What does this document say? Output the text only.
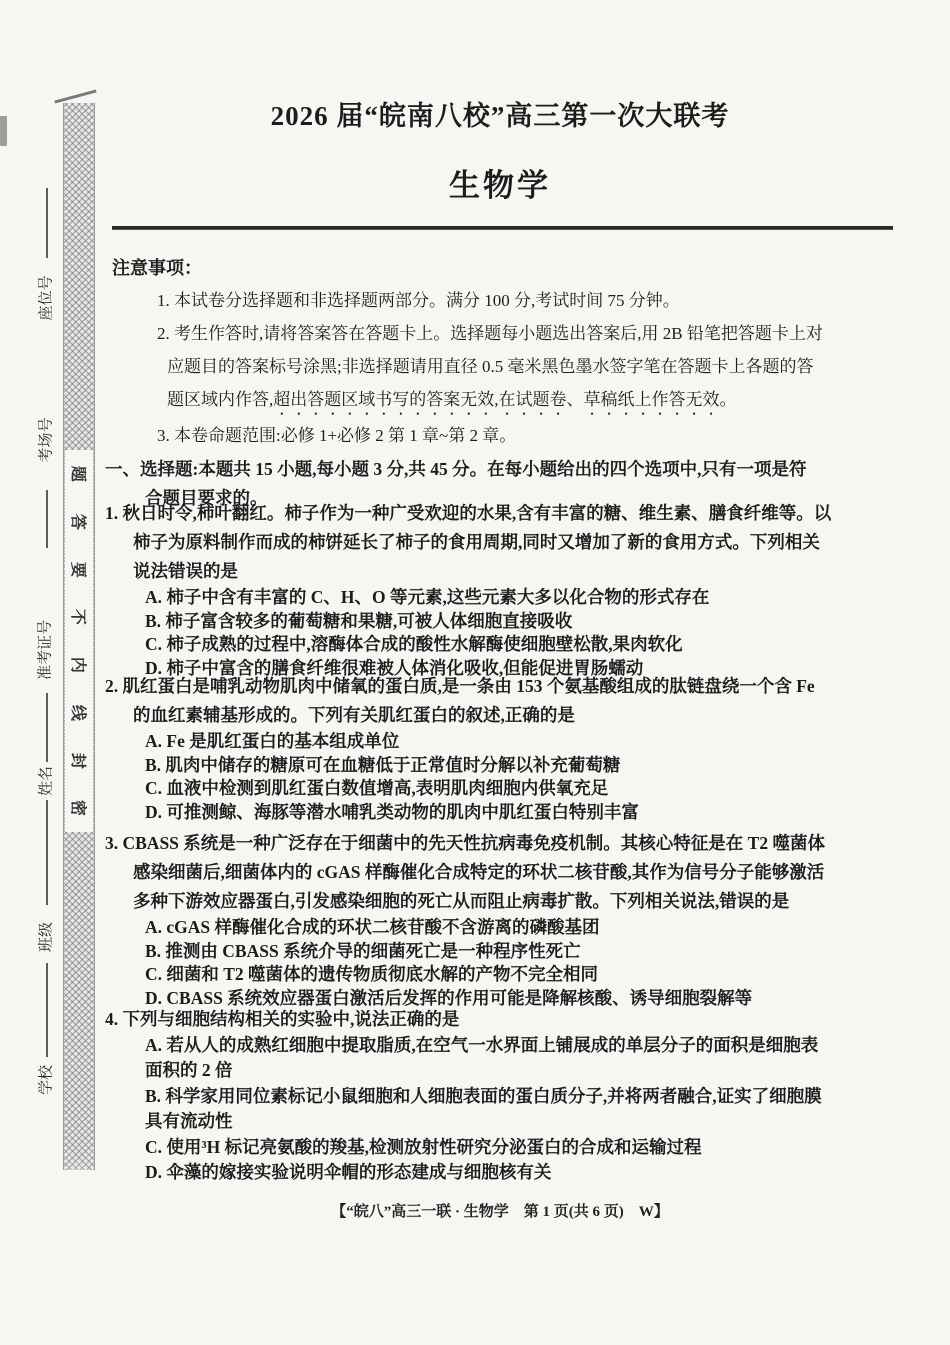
座位号
考场号
准考证号
姓名
班级
学校
题
答
要
不
内
线
封
密
2026 届“皖南八校”高三第一次大联考
生物学
注意事项：
1. 本试卷分选择题和非选择题两部分。满分 100 分,考试时间 75 分钟。
2. 考生作答时,请将答案答在答题卡上。选择题每小题选出答案后,用 2B 铅笔把答题卡上对
应题目的答案标号涂黑;非选择题请用直径 0.5 毫米黑色墨水签字笔在答题卡上各题的答
题区域内作答,超出答题区域书写的答案无效,在试题卷、草稿纸上作答无效。
3. 本卷命题范围:必修 1+必修 2 第 1 章~第 2 章。
一、选择题:本题共 15 小题,每小题 3 分,共 45 分。在每小题给出的四个选项中,只有一项是符
合题目要求的。
1. 秋日时令,柿叶翻红。柿子作为一种广受欢迎的水果,含有丰富的糖、维生素、膳食纤维等。以
柿子为原料制作而成的柿饼延长了柿子的食用周期,同时又增加了新的食用方式。下列相关
说法错误的是
A. 柿子中含有丰富的 C、H、O 等元素,这些元素大多以化合物的形式存在
B. 柿子富含较多的葡萄糖和果糖,可被人体细胞直接吸收
C. 柿子成熟的过程中,溶酶体合成的酸性水解酶使细胞壁松散,果肉软化
D. 柿子中富含的膳食纤维很难被人体消化吸收,但能促进胃肠蠕动
2. 肌红蛋白是哺乳动物肌肉中储氧的蛋白质,是一条由 153 个氨基酸组成的肽链盘绕一个含 Fe
的血红素辅基形成的。下列有关肌红蛋白的叙述,正确的是
A. Fe 是肌红蛋白的基本组成单位
B. 肌肉中储存的糖原可在血糖低于正常值时分解以补充葡萄糖
C. 血液中检测到肌红蛋白数值增高,表明肌肉细胞内供氧充足
D. 可推测鲸、海豚等潜水哺乳类动物的肌肉中肌红蛋白特别丰富
3. CBASS 系统是一种广泛存在于细菌中的先天性抗病毒免疫机制。其核心特征是在 T2 噬菌体
感染细菌后,细菌体内的 cGAS 样酶催化合成特定的环状二核苷酸,其作为信号分子能够激活
多种下游效应器蛋白,引发感染细胞的死亡从而阻止病毒扩散。下列相关说法,错误的是
A. cGAS 样酶催化合成的环状二核苷酸不含游离的磷酸基团
B. 推测由 CBASS 系统介导的细菌死亡是一种程序性死亡
C. 细菌和 T2 噬菌体的遗传物质彻底水解的产物不完全相同
D. CBASS 系统效应器蛋白激活后发挥的作用可能是降解核酸、诱导细胞裂解等
4. 下列与细胞结构相关的实验中,说法正确的是
A. 若从人的成熟红细胞中提取脂质,在空气一水界面上铺展成的单层分子的面积是细胞表
面积的 2 倍
B. 科学家用同位素标记小鼠细胞和人细胞表面的蛋白质分子,并将两者融合,证实了细胞膜
具有流动性
C. 使用³H 标记亮氨酸的羧基,检测放射性研究分泌蛋白的合成和运输过程
D. 伞藻的嫁接实验说明伞帽的形态建成与细胞核有关
【“皖八”高三一联 · 生物学　第 1 页(共 6 页)　W】
